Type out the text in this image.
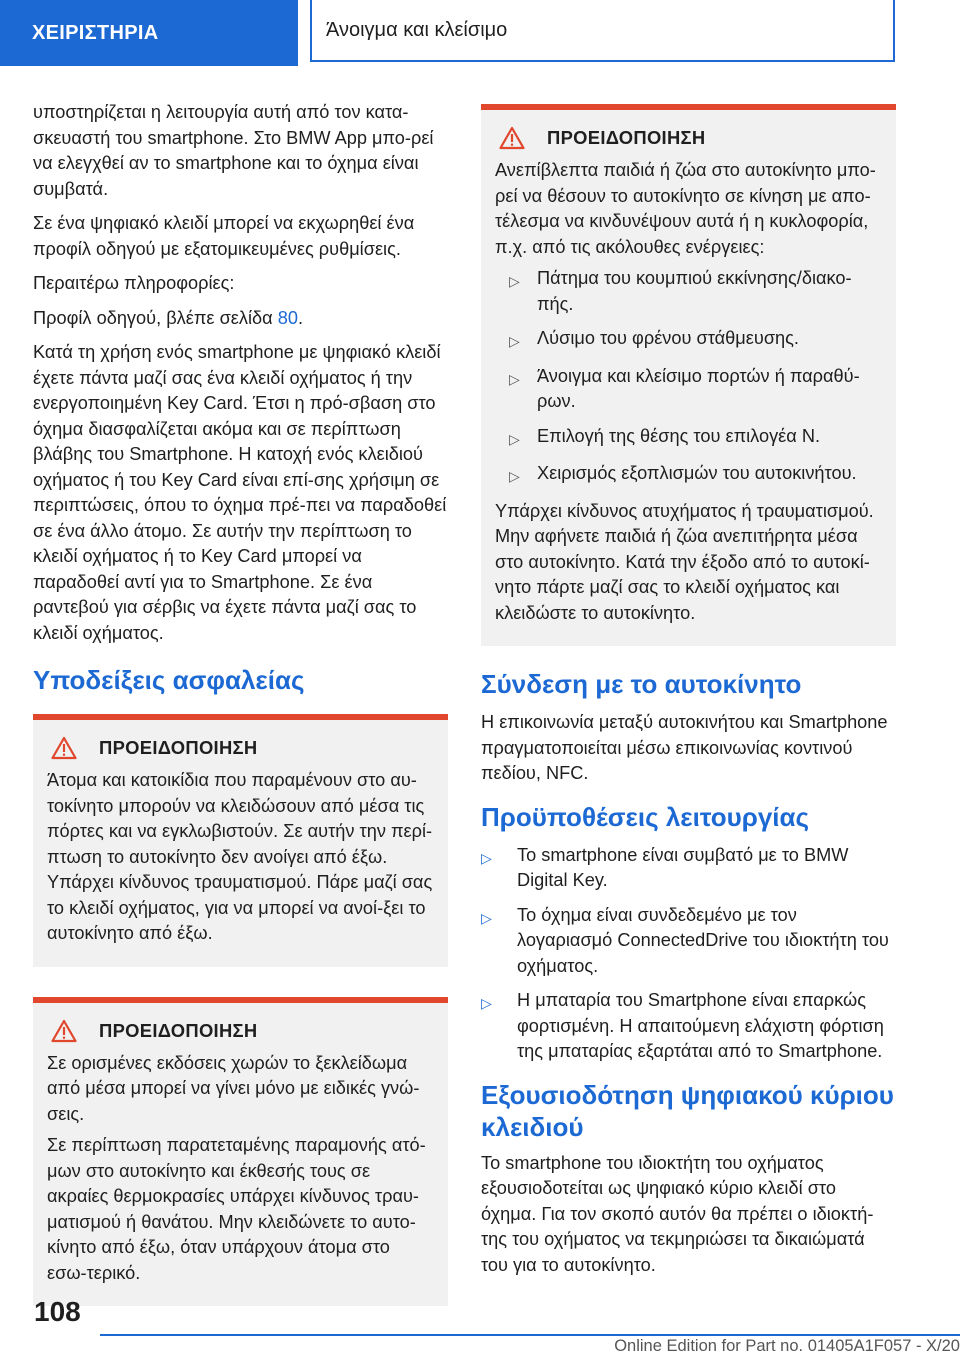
ΧΕΙΡΙΣΤΗΡΙΑ	Άνοιγμα και κλείσιμο

υποστηρίζεται η λειτουργία αυτή από τον κατα-σκευαστή του smartphone. Στο BMW App μπο-ρεί να ελεγχθεί αν το smartphone και το όχημα είναι συμβατά.

Σε ένα ψηφιακό κλειδί μπορεί να εκχωρηθεί ένα προφίλ οδηγού με εξατομικευμένες ρυθμίσεις.

Περαιτέρω πληροφορίες:

Προφίλ οδηγού, βλέπε σελίδα 80.

Κατά τη χρήση ενός smartphone με ψηφιακό κλειδί έχετε πάντα μαζί σας ένα κλειδί οχήματος ή την ενεργοποιημένη Key Card. Έτσι η πρό-σβαση στο όχημα διασφαλίζεται ακόμα και σε περίπτωση βλάβης του Smartphone. Η κατοχή ενός κλειδιού οχήματος ή του Key Card είναι επί-σης χρήσιμη σε περιπτώσεις, όπου το όχημα πρέ-πει να παραδοθεί σε ένα άλλο άτομο. Σε αυτήν την περίπτωση το κλειδί οχήματος ή το Key Card μπορεί να παραδοθεί αντί για το Smartphone. Σε ένα ραντεβού για σέρβις να έχετε πάντα μαζί σας το κλειδί οχήματος.

Υποδείξεις ασφαλείας
ΠΡΟΕΙΔΟΠΟΙΗΣΗ

Άτομα και κατοικίδια που παραμένουν στο αυ-τοκίνητο μπορούν να κλειδώσουν από μέσα τις πόρτες και να εγκλωβιστούν. Σε αυτήν την περί-πτωση το αυτοκίνητο δεν ανοίγει από έξω. Υπάρχει κίνδυνος τραυματισμού. Πάρε μαζί σας το κλειδί οχήματος, για να μπορεί να ανοί-ξει το αυτοκίνητο από έξω.

ΠΡΟΕΙΔΟΠΟΙΗΣΗ

Σε ορισμένες εκδόσεις χωρών το ξεκλείδωμα από μέσα μπορεί να γίνει μόνο με ειδικές γνώ-σεις.

Σε περίπτωση παρατεταμένης παραμονής ατό-μων στο αυτοκίνητο και έκθεσής τους σε ακραίες θερμοκρασίες υπάρχει κίνδυνος τραυ-ματισμού ή θανάτου. Μην κλειδώνετε το αυτο-κίνητο από έξω, όταν υπάρχουν άτομα στο εσω-τερικό.

ΠΡΟΕΙΔΟΠΟΙΗΣΗ

Ανεπίβλεπτα παιδιά ή ζώα στο αυτοκίνητο μπο-ρεί να θέσουν το αυτοκίνητο σε κίνηση με απο-τέλεσμα να κινδυνέψουν αυτά ή η κυκλοφορία, π.χ. από τις ακόλουθες ενέργειες:

▷ Πάτημα του κουμπιού εκκίνησης/διακο-πής.
▷ Λύσιμο του φρένου στάθμευσης.
▷ Άνοιγμα και κλείσιμο πορτών ή παραθύ-ρων.
▷ Επιλογή της θέσης του επιλογέα N.
▷ Χειρισμός εξοπλισμών του αυτοκινήτου.

Υπάρχει κίνδυνος ατυχήματος ή τραυματισμού. Μην αφήνετε παιδιά ή ζώα ανεπιτήρητα μέσα στο αυτοκίνητο. Κατά την έξοδο από το αυτοκί-νητο πάρτε μαζί σας το κλειδί οχήματος και κλειδώστε το αυτοκίνητο.

Σύνδεση με το αυτοκίνητο

Η επικοινωνία μεταξύ αυτοκινήτου και Smartphone πραγματοποιείται μέσω επικοινωνίας κοντινού πεδίου, NFC.

Προϋποθέσεις λειτουργίας
▷	Το smartphone είναι συμβατό με το BMW Digital Key.
▷	Το όχημα είναι συνδεδεμένο με τον λογαριασμό ConnectedDrive του ιδιοκτήτη του οχήματος.
▷	Η μπαταρία του Smartphone είναι επαρκώς φορτισμένη. Η απαιτούμενη ελάχιστη φόρτιση της μπαταρίας εξαρτάται από το Smartphone.
Εξουσιοδότηση ψηφιακού κύριου κλειδιού

Το smartphone του ιδιοκτήτη του οχήματος εξουσιοδοτείται ως ψηφιακό κύριο κλειδί στο όχημα. Για τον σκοπό αυτόν θα πρέπει ο ιδιοκτή-της του οχήματος να τεκμηριώσει τα δικαιώματά του για το αυτοκίνητο.

108
Online Edition for Part no. 01405A1F057 - X/20
